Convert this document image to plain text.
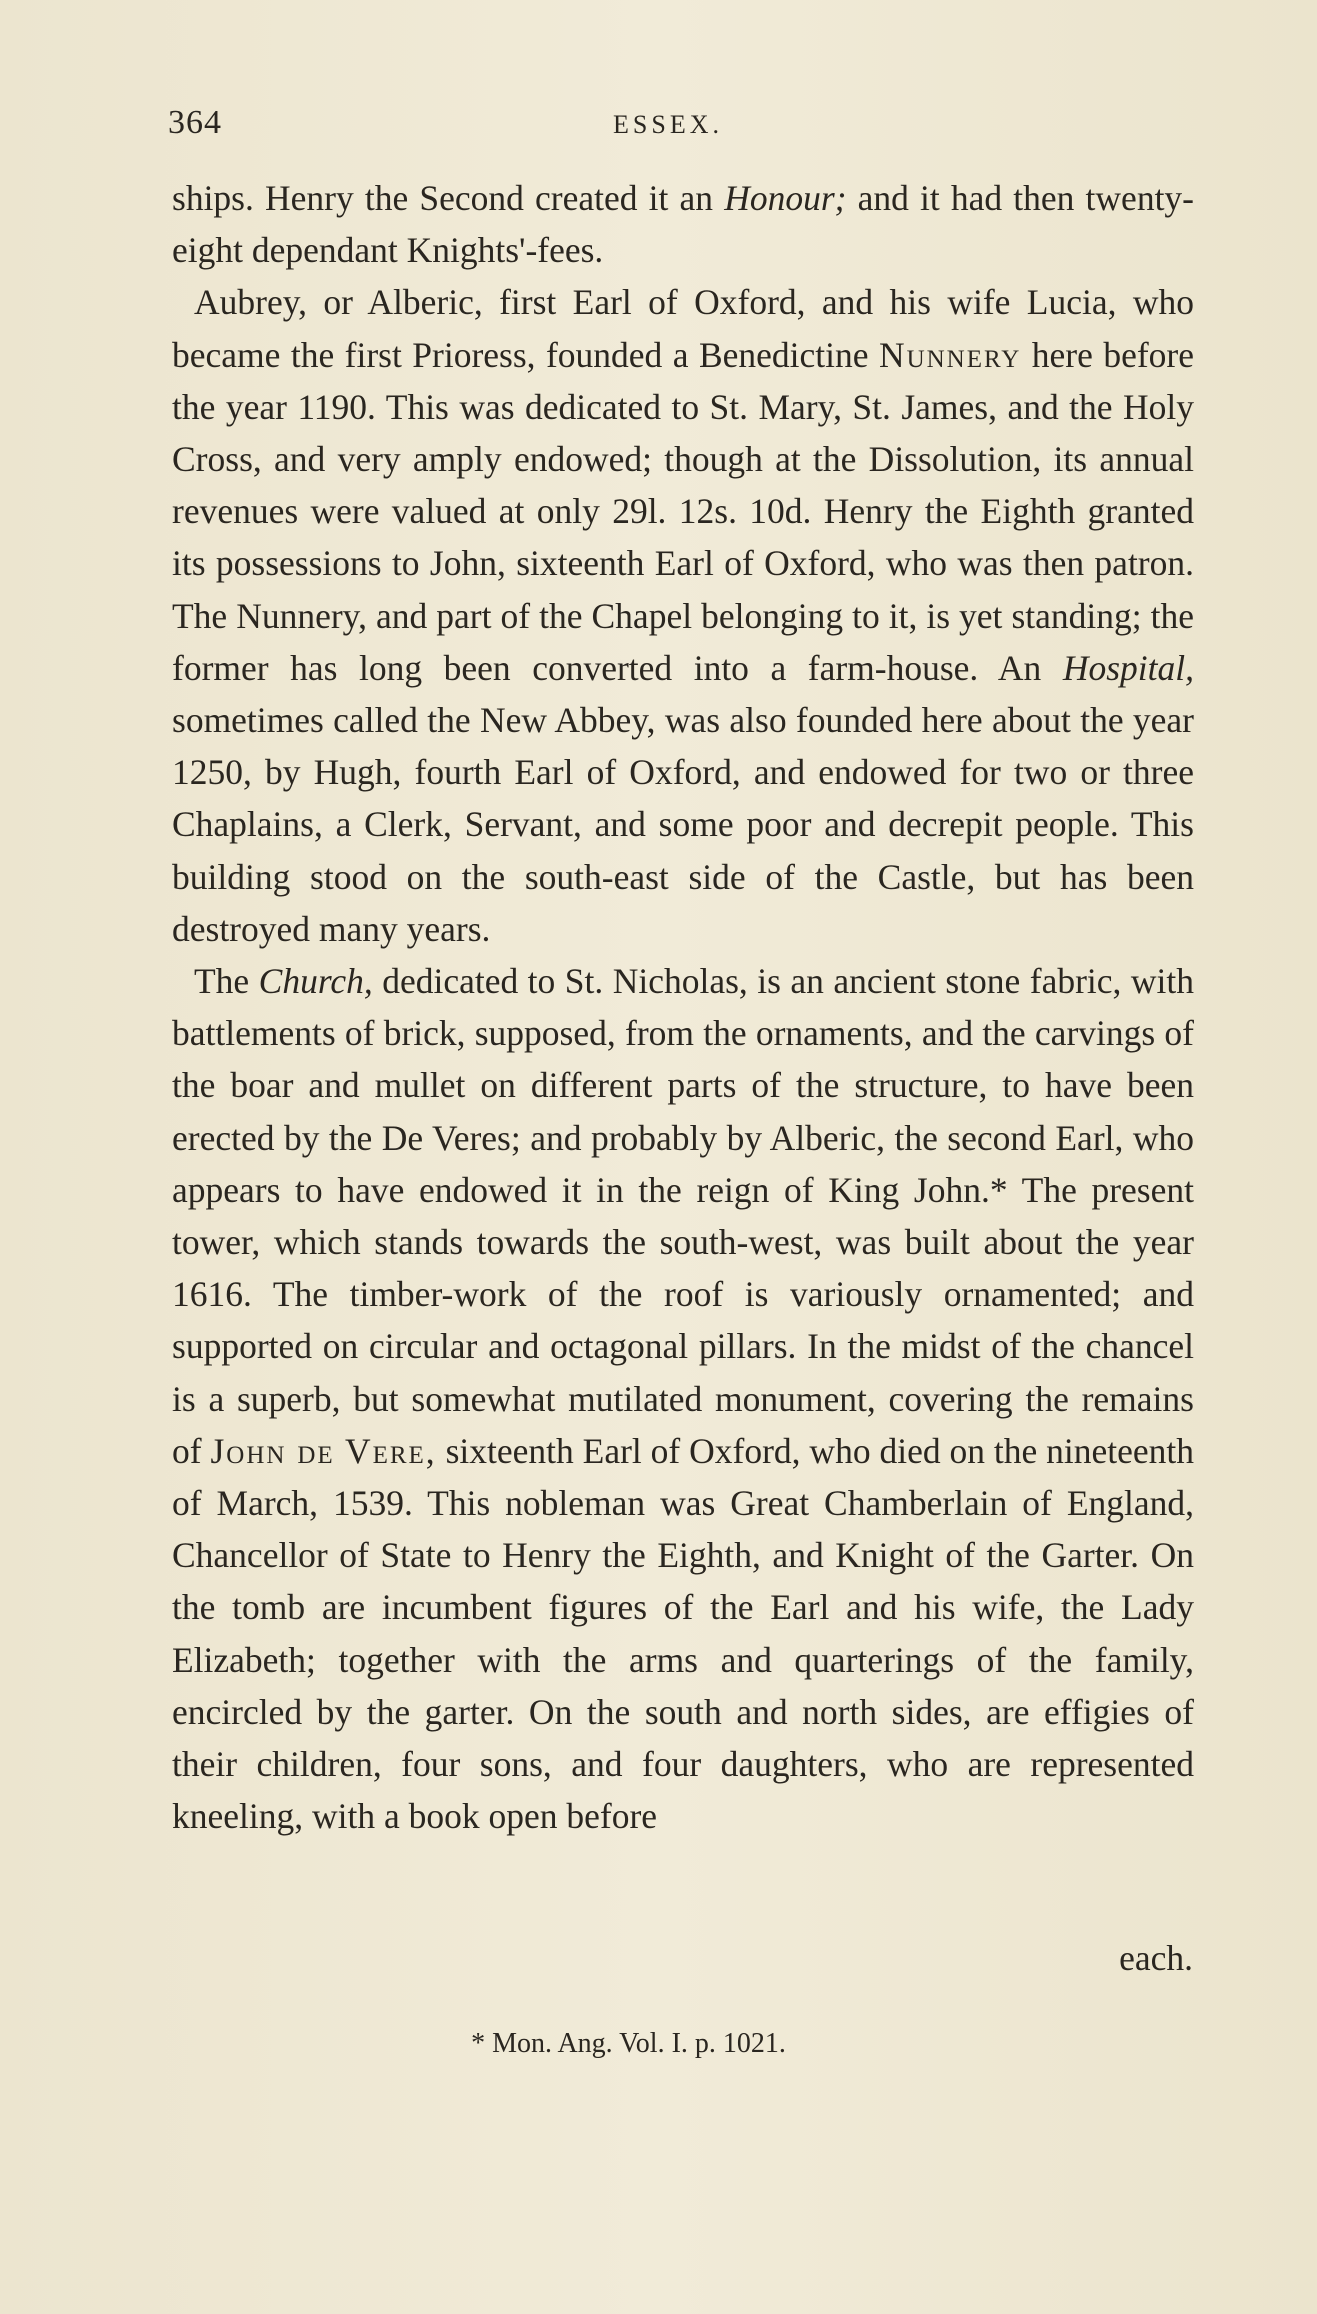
364	ESSEX.

ships. Henry the Second created it an Honour; and it had then twenty-eight dependant Knights'-fees.

Aubrey, or Alberic, first Earl of Oxford, and his wife Lucia, who became the first Prioress, founded a Benedictine Nunnery here before the year 1190. This was dedicated to St. Mary, St. James, and the Holy Cross, and very amply endowed; though at the Dissolution, its annual revenues were valued at only 29l. 12s. 10d. Henry the Eighth granted its possessions to John, sixteenth Earl of Oxford, who was then patron. The Nunnery, and part of the Chapel belonging to it, is yet standing; the former has long been converted into a farm-house. An Hospital, sometimes called the New Abbey, was also founded here about the year 1250, by Hugh, fourth Earl of Oxford, and endowed for two or three Chaplains, a Clerk, Servant, and some poor and decrepit people. This building stood on the south-east side of the Castle, but has been destroyed many years.

The Church, dedicated to St. Nicholas, is an ancient stone fabric, with battlements of brick, supposed, from the ornaments, and the carvings of the boar and mullet on different parts of the structure, to have been erected by the De Veres; and probably by Alberic, the second Earl, who appears to have endowed it in the reign of King John.* The present tower, which stands towards the south-west, was built about the year 1616. The timber-work of the roof is variously ornamented; and supported on circular and octagonal pillars. In the midst of the chancel is a superb, but somewhat mutilated monument, covering the remains of John de Vere, sixteenth Earl of Oxford, who died on the nineteenth of March, 1539. This nobleman was Great Chamberlain of England, Chancellor of State to Henry the Eighth, and Knight of the Garter. On the tomb are incumbent figures of the Earl and his wife, the Lady Elizabeth; together with the arms and quarterings of the family, encircled by the garter. On the south and north sides, are effigies of their children, four sons, and four daughters, who are represented kneeling, with a book open before

each.
* Mon. Ang. Vol. I. p. 1021.
